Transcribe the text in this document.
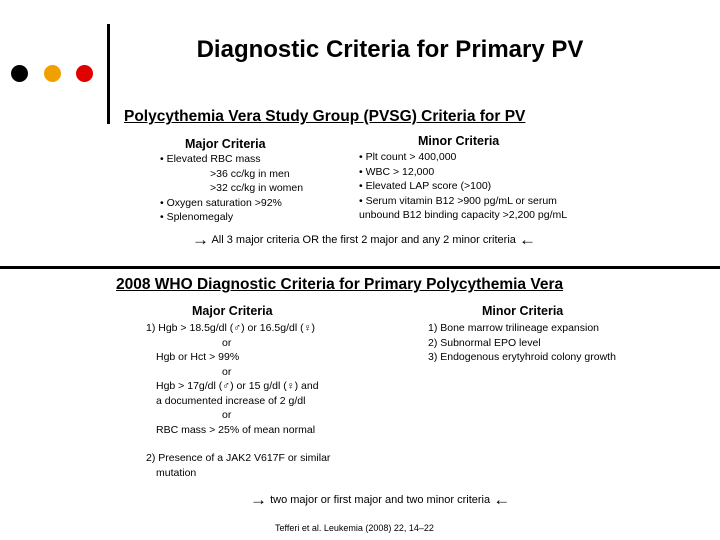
Diagnostic Criteria for Primary PV
Polycythemia Vera Study Group (PVSG) Criteria for PV
Major Criteria	Minor Criteria
• Elevated RBC mass
>36 cc/kg in men
>32 cc/kg in women
• Oxygen saturation >92%
• Splenomegaly
• Plt count > 400,000
• WBC > 12,000
• Elevated LAP score (>100)
• Serum vitamin B12 >900 pg/mL or serum
unbound B12 binding capacity >2,200 pg/mL
→ All 3 major criteria OR the first 2 major and any 2 minor criteria ←
2008 WHO Diagnostic Criteria for Primary Polycythemia Vera
Major Criteria	Minor Criteria
1) Hgb > 18.5g/dl (♂) or 16.5g/dl (♀)
or
Hgb or Hct > 99%
or
Hgb > 17g/dl (♂) or 15 g/dl (♀) and
a documented increase of 2 g/dl
or
RBC mass > 25% of mean normal
2) Presence of a JAK2 V617F or similar
mutation
1) Bone marrow trilineage expansion
2) Subnormal EPO level
3) Endogenous erytyhroid colony growth
→ two major or first major and two minor criteria ←
Tefferi et al. Leukemia (2008) 22, 14–22
